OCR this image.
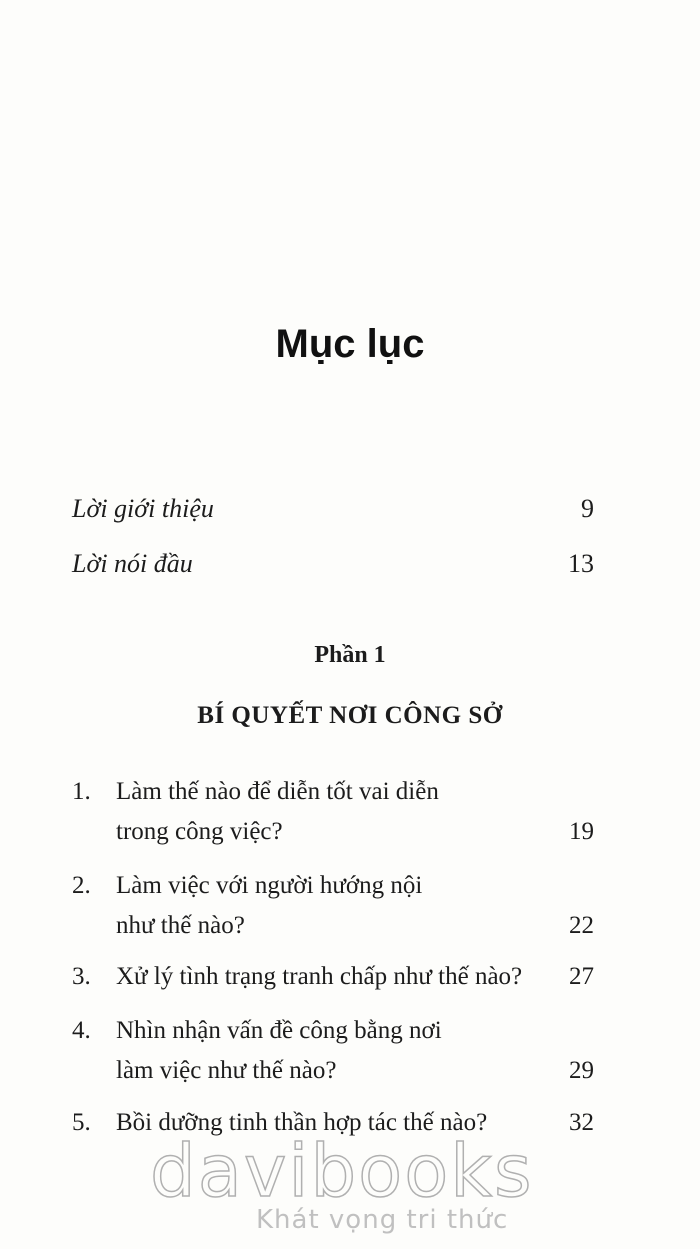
Mục lục
Lời giới thiệu	9
Lời nói đầu	13
Phần 1
BÍ QUYẾT NƠI CÔNG SỞ
1. Làm thế nào để diễn tốt vai diễn
trong công việc?	19
2. Làm việc với người hướng nội
như thế nào?	22
3. Xử lý tình trạng tranh chấp như thế nào?	27
4. Nhìn nhận vấn đề công bằng nơi
làm việc như thế nào?	29
5. Bồi dưỡng tinh thần hợp tác thế nào?	32
davibooks
Khát vọng tri thức
